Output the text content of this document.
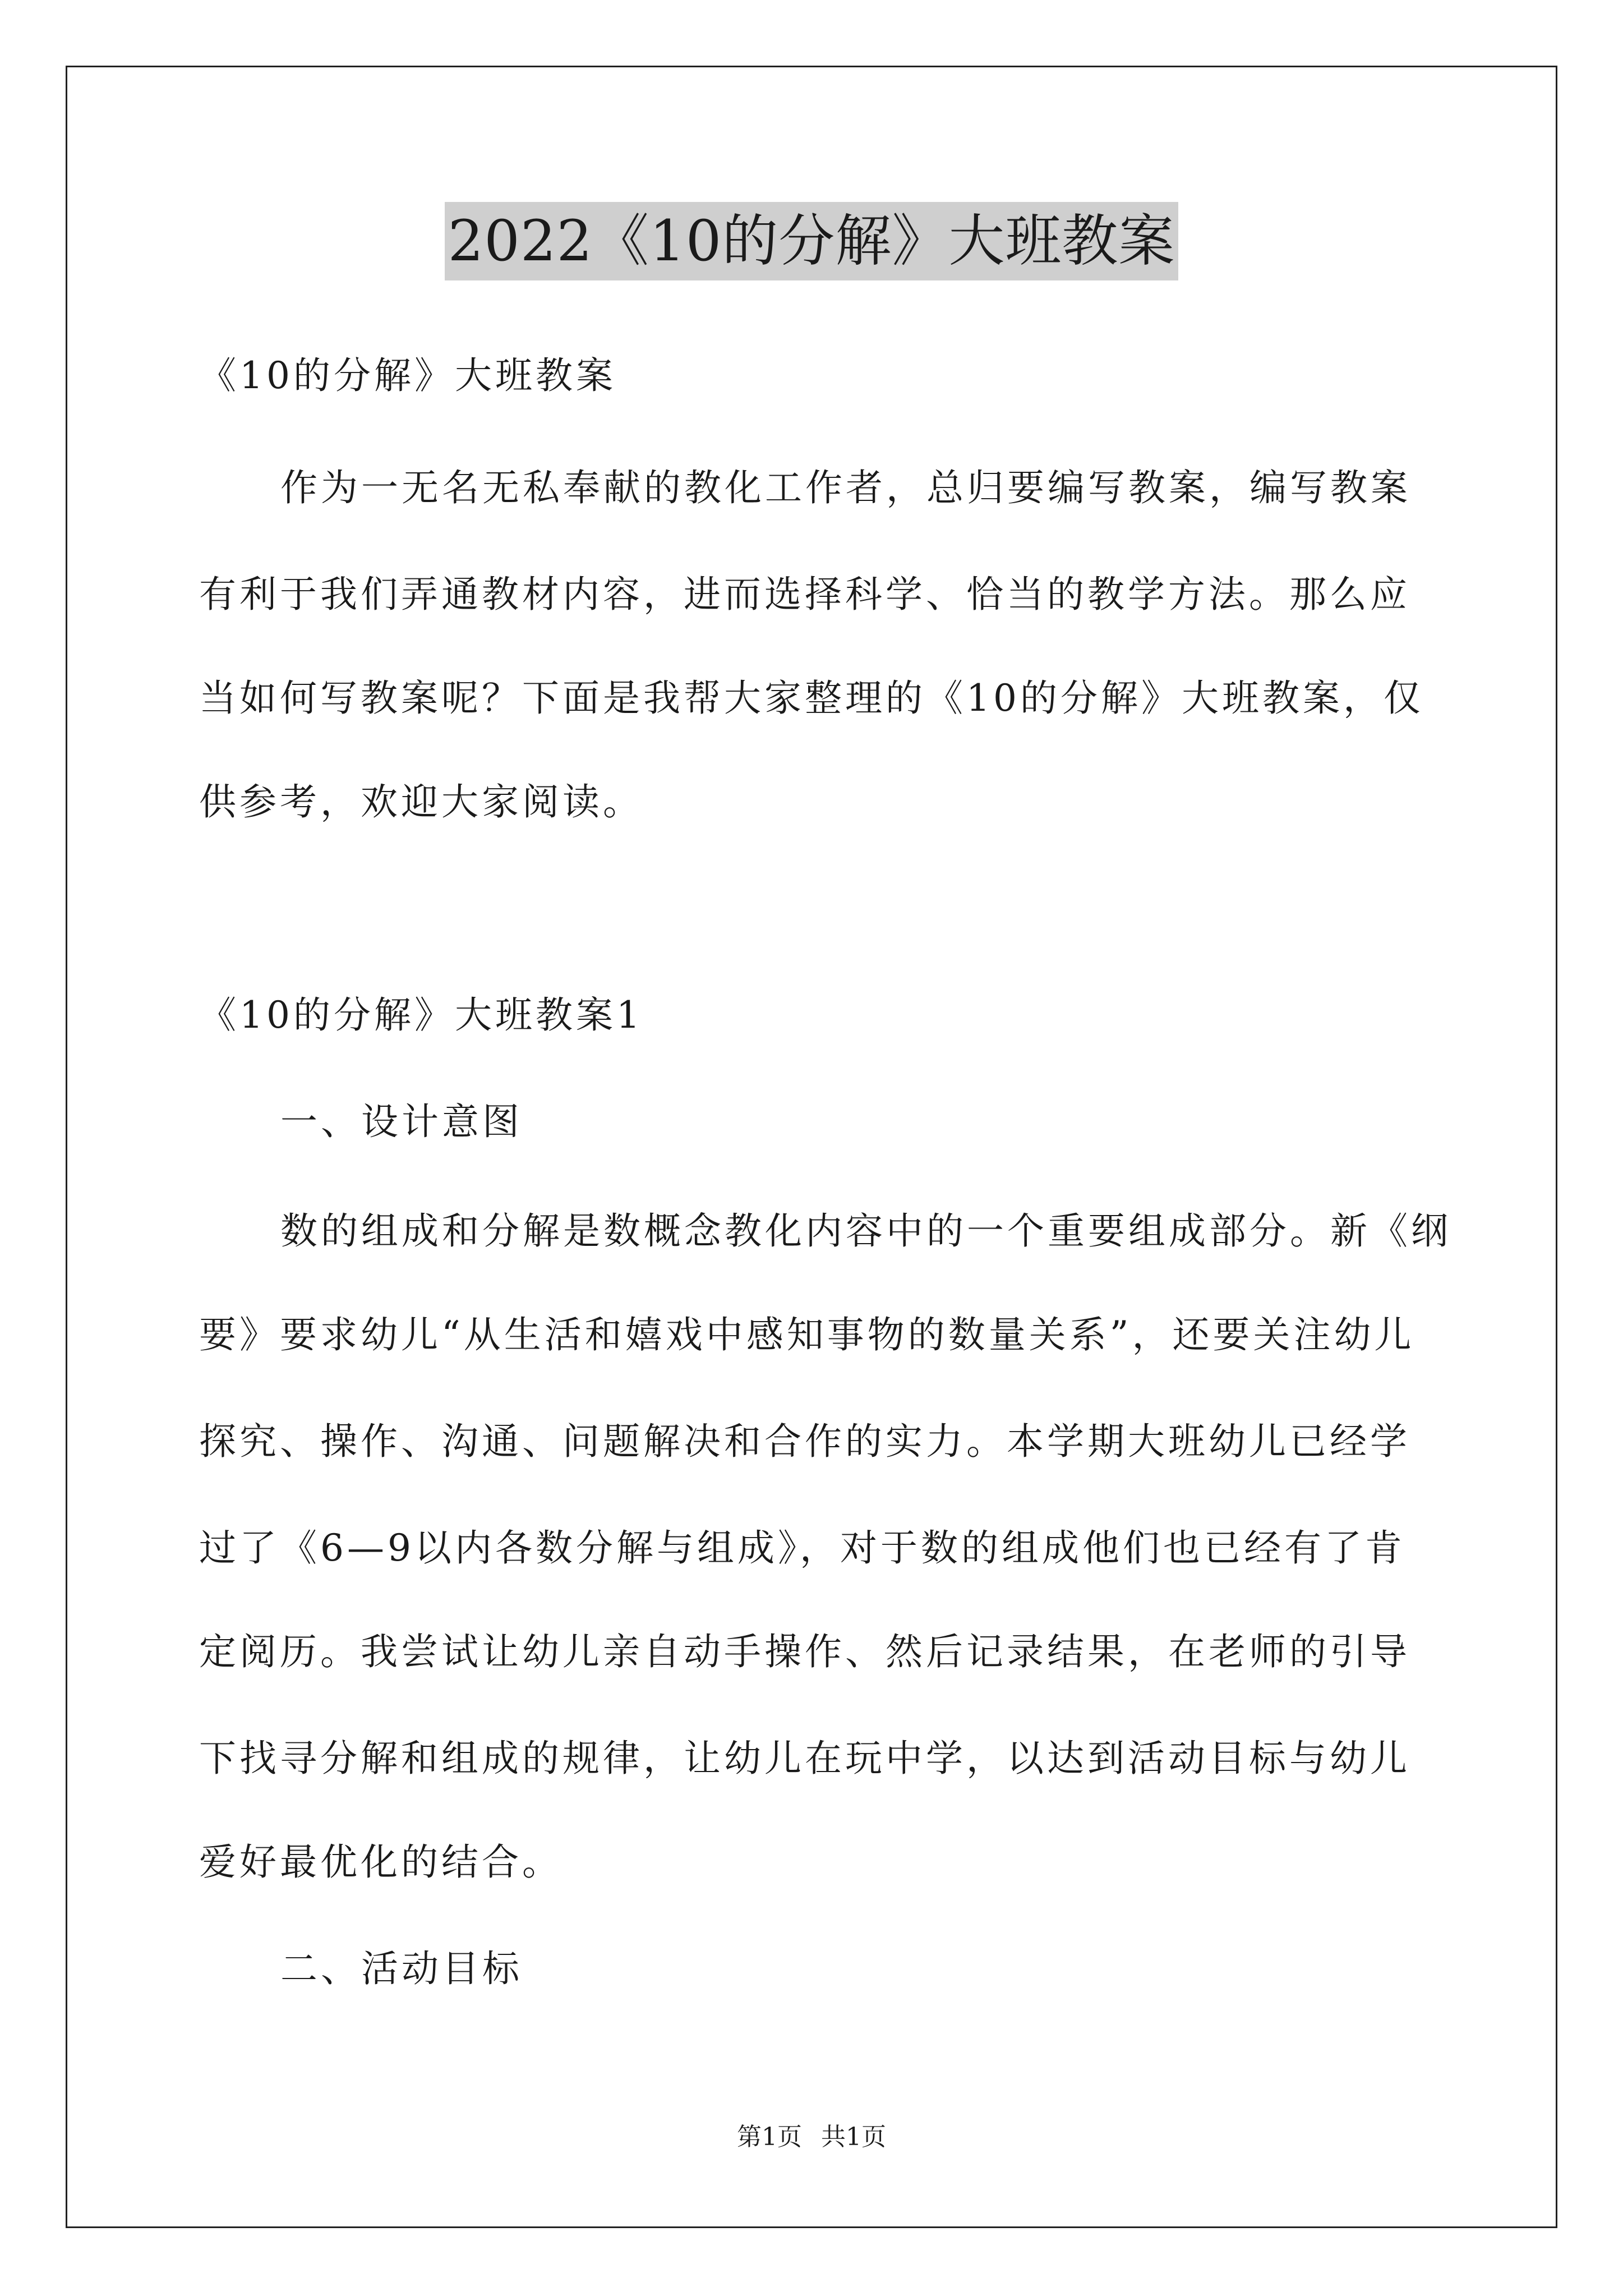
2022《10的分解》大班教案
《10的分解》大班教案
作为一无名无私奉献的教化工作者，总归要编写教案，编写教案
有利于我们弄通教材内容，进而选择科学、恰当的教学方法。那么应
当如何写教案呢？下面是我帮大家整理的《10的分解》大班教案，仅
供参考，欢迎大家阅读。
《10的分解》大班教案1
一、设计意图
数的组成和分解是数概念教化内容中的一个重要组成部分。新《纲
要》要求幼儿“从生活和嬉戏中感知事物的数量关系”，还要关注幼儿
探究、操作、沟通、问题解决和合作的实力。本学期大班幼儿已经学
过了《6—9以内各数分解与组成》，对于数的组成他们也已经有了肯
定阅历。我尝试让幼儿亲自动手操作、然后记录结果，在老师的引导
下找寻分解和组成的规律，让幼儿在玩中学，以达到活动目标与幼儿
爱好最优化的结合。
二、活动目标
第1页 共1页
